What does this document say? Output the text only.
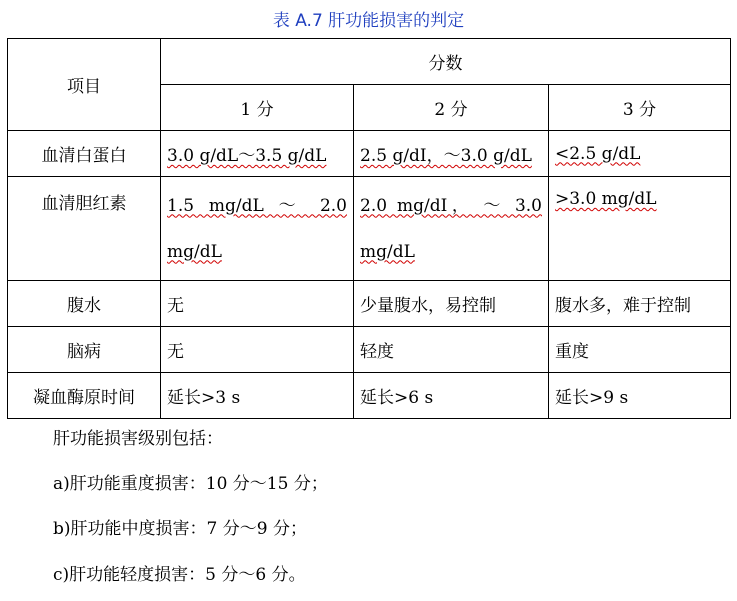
表 A.7 肝功能损害的判定
项目	分数		
	1 分	2 分	3 分
血清白蛋白	3.0 g/dL～3.5 g/dL	2.5 g/dI，～3.0 g/dL	<2.5 g/dL
血清胆红素	1.5 mg/dL ～ 2.0 mg/dL	2.0 mg/dI， ～ 3.0 mg/dL	>3.0 mg/dL
腹水	无	少量腹水，易控制	腹水多，难于控制
脑病	无	轻度	重度
凝血酶原时间	延长>3 s	延长>6 s	延长>9 s
肝功能损害级别包括：
a)肝功能重度损害：10 分～15 分；
b)肝功能中度损害：7 分～9 分；
c)肝功能轻度损害：5 分～6 分。
